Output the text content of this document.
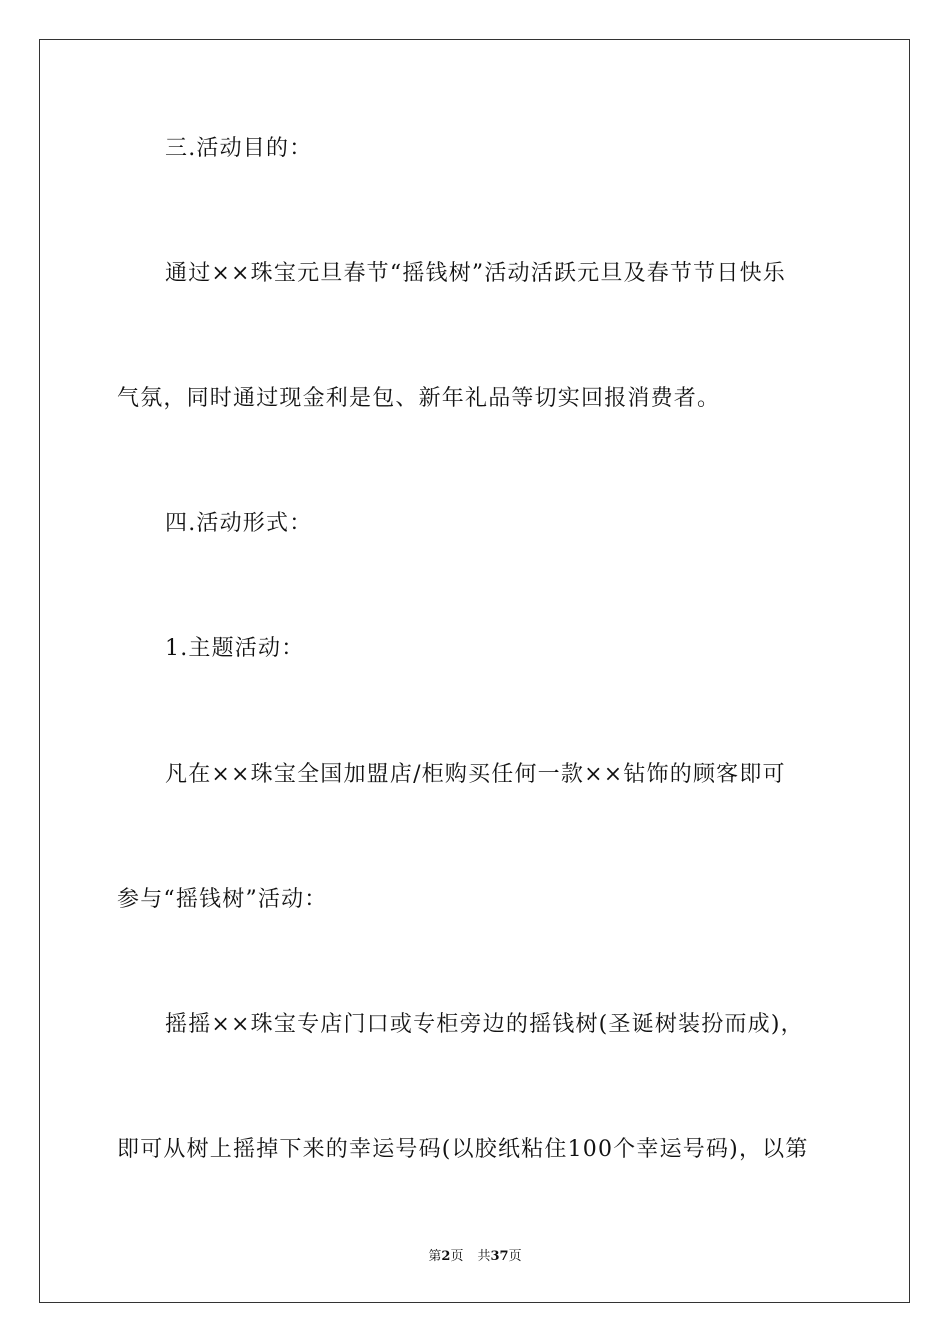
三.活动目的：
通过××珠宝元旦春节“摇钱树”活动活跃元旦及春节节日快乐
气氛，同时通过现金利是包、新年礼品等切实回报消费者。
四.活动形式：
1.主题活动：
凡在××珠宝全国加盟店/柜购买任何一款××钻饰的顾客即可
参与“摇钱树”活动：
摇摇××珠宝专店门口或专柜旁边的摇钱树(圣诞树装扮而成)，
即可从树上摇掉下来的幸运号码(以胶纸粘住100个幸运号码)，以第
第2页 共37页
